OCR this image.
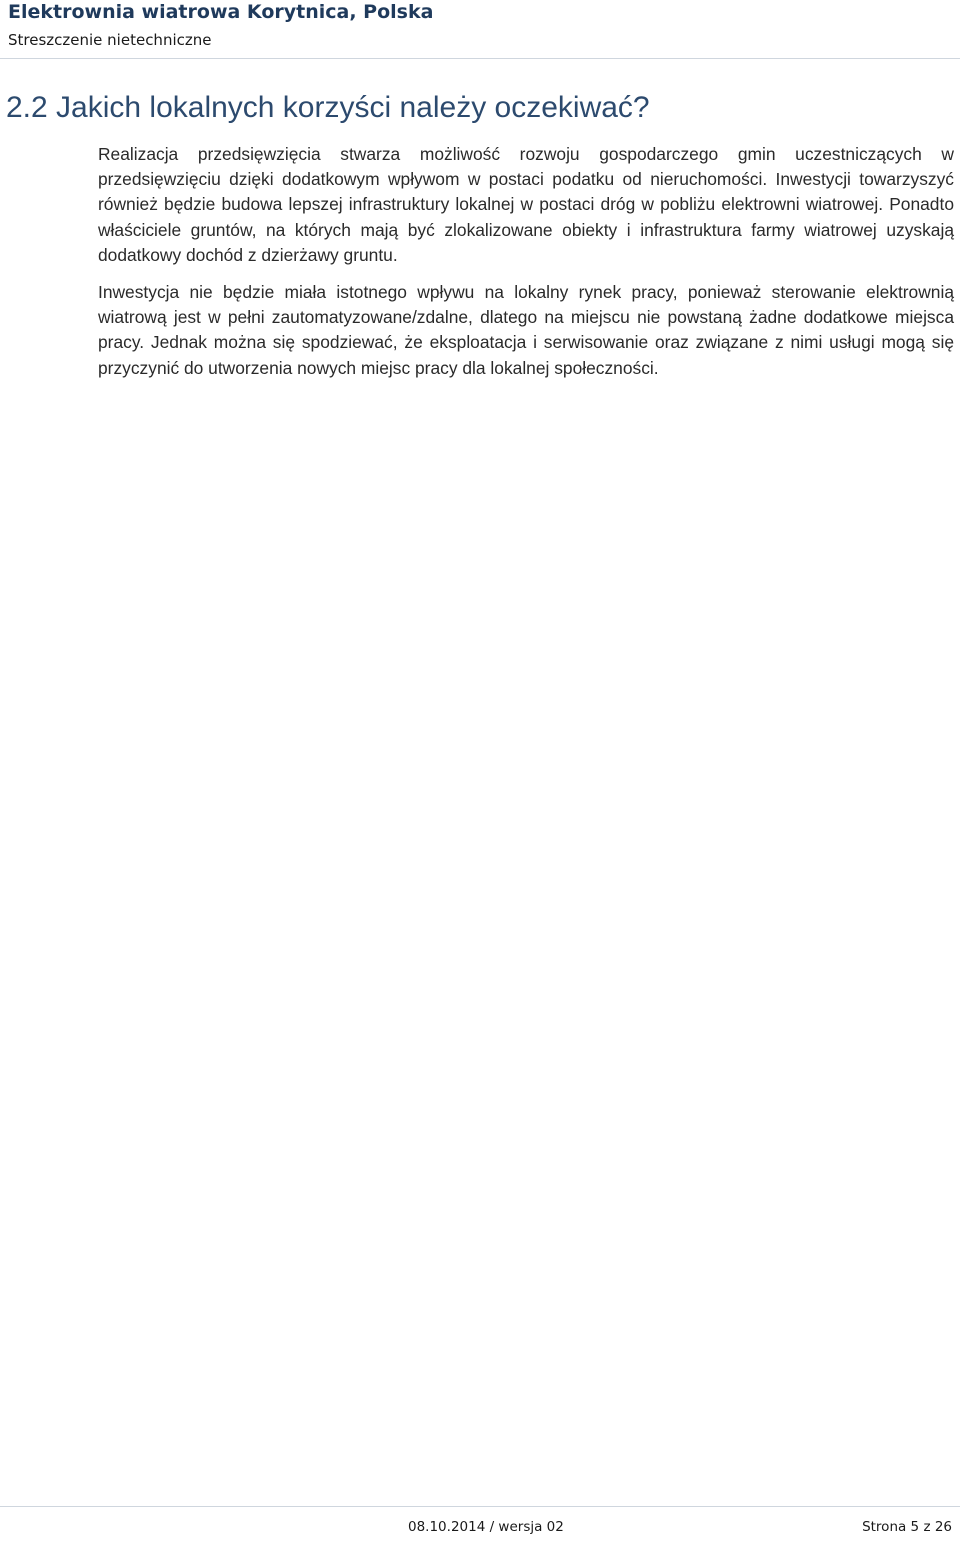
Elektrownia wiatrowa Korytnica, Polska
Streszczenie nietechniczne
2.2 Jakich lokalnych korzyści należy oczekiwać?

Realizacja przedsięwzięcia stwarza możliwość rozwoju gospodarczego gmin uczestniczących w przedsięwzięciu dzięki dodatkowym wpływom w postaci podatku od nieruchomości. Inwestycji towarzyszyć również będzie budowa lepszej infrastruktury lokalnej w postaci dróg w pobliżu elektrowni wiatrowej. Ponadto właściciele gruntów, na których mają być zlokalizowane obiekty i infrastruktura farmy wiatrowej uzyskają dodatkowy dochód z dzierżawy gruntu.

Inwestycja nie będzie miała istotnego wpływu na lokalny rynek pracy, ponieważ sterowanie elektrownią wiatrową jest w pełni zautomatyzowane/zdalne, dlatego na miejscu nie powstaną żadne dodatkowe miejsca pracy. Jednak można się spodziewać, że eksploatacja i serwisowanie oraz związane z nimi usługi mogą się przyczynić do utworzenia nowych miejsc pracy dla lokalnej społeczności.

08.10.2014 / wersja 02	Strona 5 z 26
